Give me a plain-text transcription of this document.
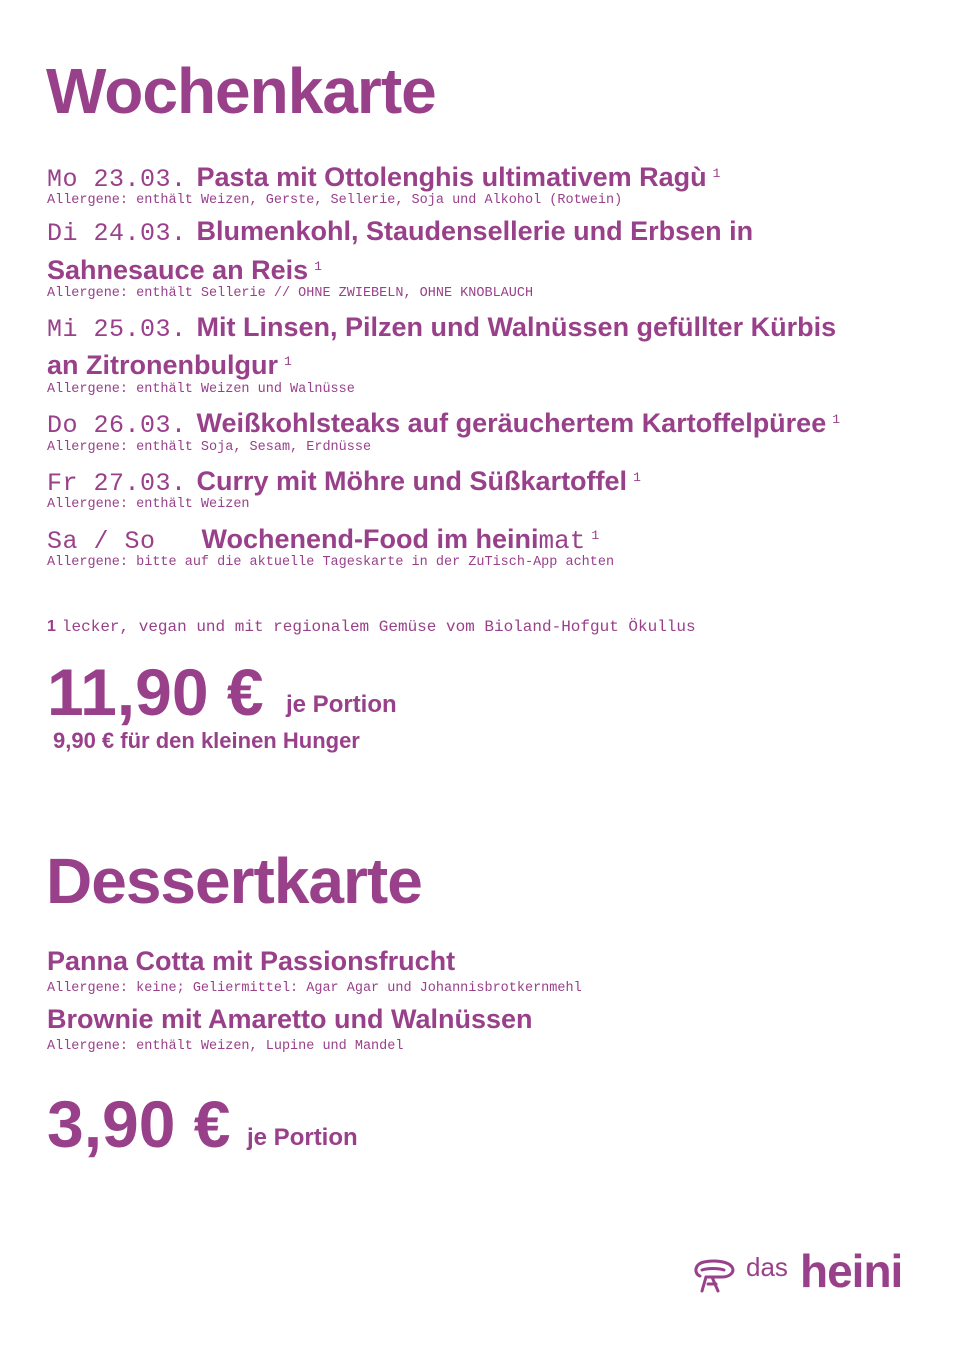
Wochenkarte
Mo 23.03. Pasta mit Ottolenghis ultimativem Ragù $^1$
Allergene: enthält Weizen, Gerste, Sellerie, Soja und Alkohol (Rotwein)
Di 24.03. Blumenkohl, Staudensellerie und Erbsen in
Sahnesauce an Reis $^1$
Allergene: enthält Sellerie // OHNE ZWIEBELN, OHNE KNOBLAUCH
Mi 25.03. Mit Linsen, Pilzen und Walnüssen gefüllter Kürbis
an Zitronenbulgur $^1$
Allergene: enthält Weizen und Walnüsse
Do 26.03. Weißkohlsteaks auf geräuchertem Kartoffelpüree $^1$
Allergene: enthält Soja, Sesam, Erdnüsse
Fr 27.03. Curry mit Möhre und Süßkartoffel $^1$
Allergene: enthält Weizen
Sa / So Wochenend-Food im heinimat $^1$
Allergene: bitte auf die aktuelle Tageskarte in der ZuTisch-App achten
1 lecker, vegan und mit regionalem Gemüse vom Bioland-Hofgut Ökullus
11,90 € je Portion
9,90 € für den kleinen Hunger
Dessertkarte
Panna Cotta mit Passionsfrucht
Allergene: keine; Geliermittel: Agar Agar und Johannisbrotkernmehl
Brownie mit Amaretto und Walnüssen
Allergene: enthält Weizen, Lupine und Mandel
3,90 € je Portion
das heini
